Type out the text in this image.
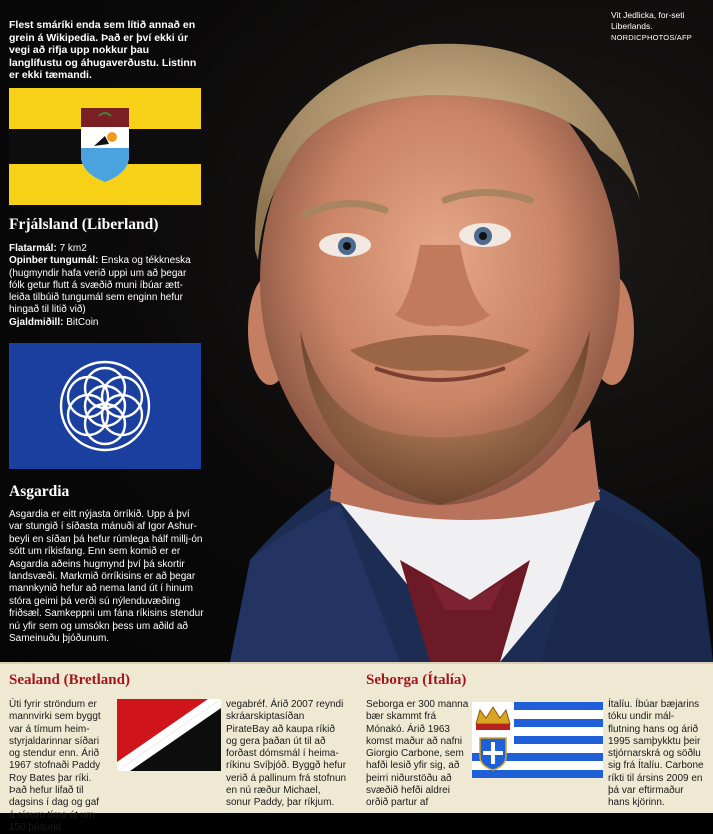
Vit Jedlicka, for-seti Liberlands.
NORDICPHOTOS/AFP

Flest smáríki enda sem lítið annað en grein á Wikipedia. Það er því ekki úr vegi að rifja upp nokkur þau langlífustu og áhugaverðustu. Listinn er ekki tæmandi.

Frjálsland (Liberland)

Flatarmál: 7 km2
Opinber tungumál: Enska og tékkneska (hugmyndir hafa verið uppi um að þegar fólk getur flutt á svæðið muni íbúar ætt-leiða tilbúið tungumál sem enginn hefur hingað til litið við)
Gjaldmiðill: BitCoin

Asgardia

Asgardia er eitt nýjasta örríkið. Upp á því var stungið í síðasta mánuði af Igor Ashur-beyli en síðan þá hefur rúmlega hálf millj-ón sótt um ríkisfang. Enn sem komið er er Asgardia aðeins hugmynd því þá skortir landsvæði. Markmið örríkisins er að þegar mannkynið hefur að nema land út í hinum stóra geimi þá verði sú nýlenduvæðing friðsæl. Samkeppni um fána ríkisins stendur nú yfir sem og umsókn þess um aðild að Sameinuðu þjóðunum.

Sealand (Bretland)

Úti fyrir ströndum er mannvirki sem byggt var á tímum heim-styrjaldarinnar síðari og stendur enn. Árið 1967 stofnaði Paddy Roy Bates þar ríki. Það hefur lifað til dagsins í dag og gaf á sínum tíma út um 150 þúsund

vegabréf. Árið 2007 reyndi skráarskiptasíðan PirateBay að kaupa ríkið og gera þaðan út til að forðast dómsmál í heima-ríkinu Svíþjóð. Byggð hefur verið á pallinum frá stofnun en nú ræður Michael, sonur Paddy, þar ríkjum.

Seborga (Ítalía)

Seborga er 300 manna bær skammt frá Mónakó. Árið 1963 komst maður að nafni Giorgio Carbone, sem hafði lesið yfir sig, að þeirri niðurstöðu að svæðið hefði aldrei orðið partur af

Ítalíu. Íbúar bæjarins tóku undir mál-flutning hans og árið 1995 samþykktu þeir stjórnarskrá og söðlu sig frá Ítalíu. Carbone ríkti til ársins 2009 en þá var eftirmaður hans kjörinn.
